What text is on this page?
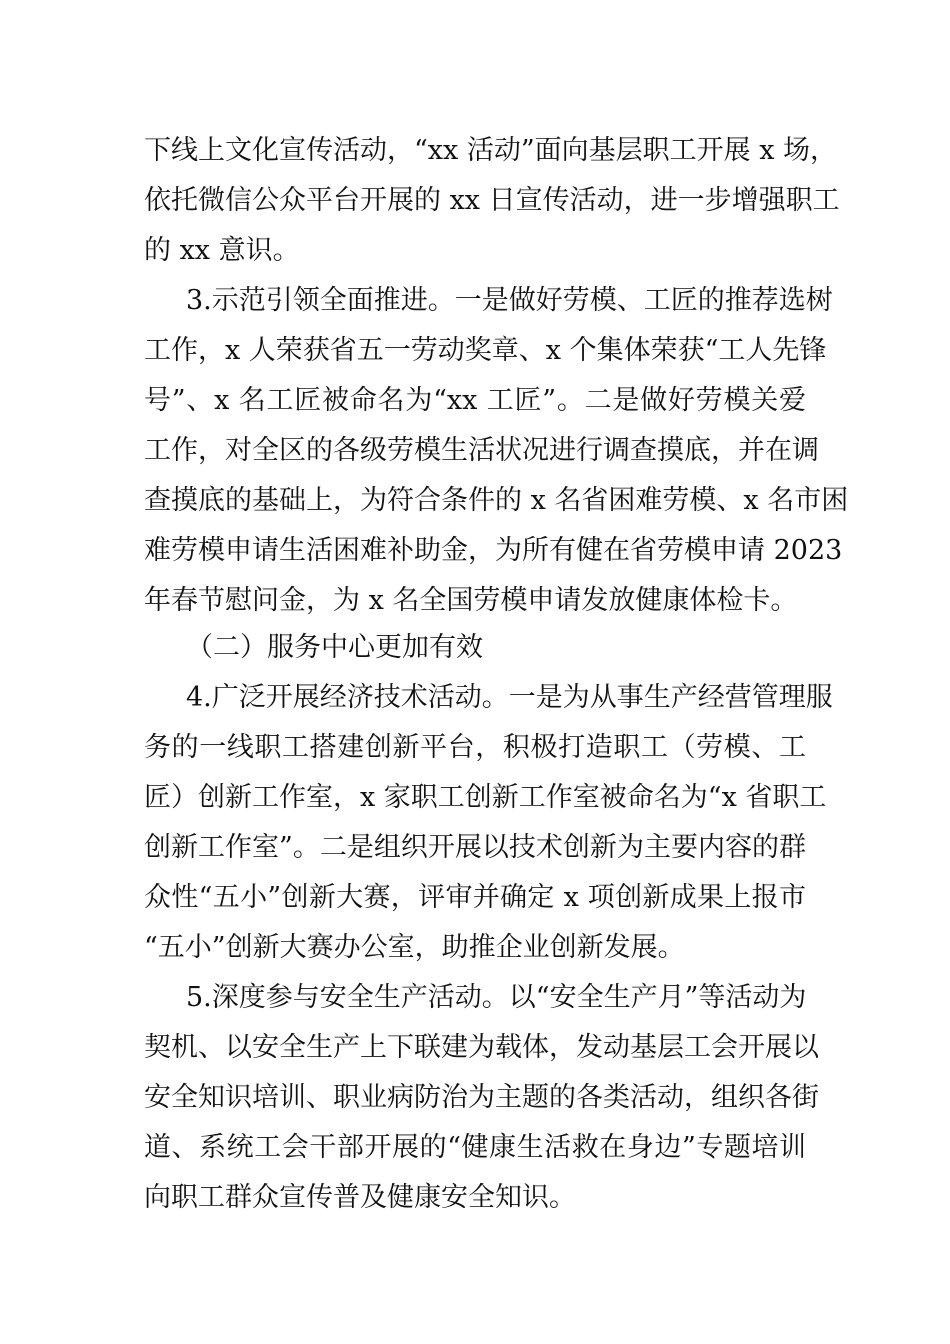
下线上文化宣传活动，“xx 活动”面向基层职工开展 x 场，
依托微信公众平台开展的 xx 日宣传活动，进一步增强职工
的 xx 意识。
3.示范引领全面推进。一是做好劳模、工匠的推荐选树
工作，x 人荣获省五一劳动奖章、x 个集体荣获“工人先锋
号”、x 名工匠被命名为“xx 工匠”。二是做好劳模关爱
工作，对全区的各级劳模生活状况进行调查摸底，并在调
查摸底的基础上，为符合条件的 x 名省困难劳模、x 名市困
难劳模申请生活困难补助金，为所有健在省劳模申请 2023
年春节慰问金，为 x 名全国劳模申请发放健康体检卡。
（二）服务中心更加有效
4.广泛开展经济技术活动。一是为从事生产经营管理服
务的一线职工搭建创新平台，积极打造职工（劳模、工
匠）创新工作室，x 家职工创新工作室被命名为“x 省职工
创新工作室”。二是组织开展以技术创新为主要内容的群
众性“五小”创新大赛，评审并确定 x 项创新成果上报市
“五小”创新大赛办公室，助推企业创新发展。
5.深度参与安全生产活动。以“安全生产月”等活动为
契机、以安全生产上下联建为载体，发动基层工会开展以
安全知识培训、职业病防治为主题的各类活动，组织各街
道、系统工会干部开展的“健康生活救在身边”专题培训
向职工群众宣传普及健康安全知识。
